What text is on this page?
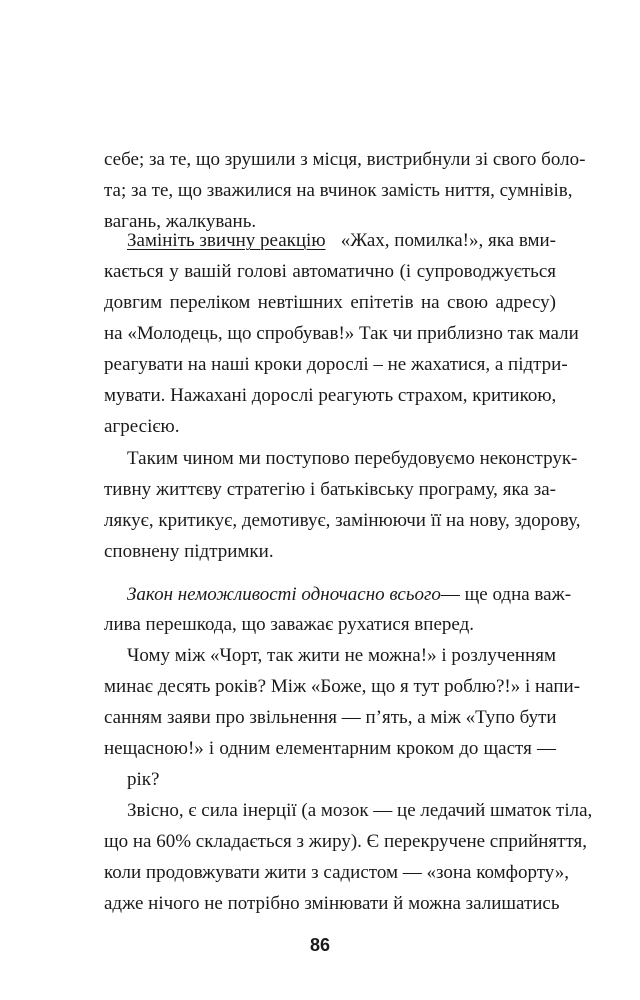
себе; за те, що зрушили з місця, вистрибнули зі свого боло-
та; за те, що зважилися на вчинок замість ниття, сумнівів,
вагань, жалкувань.
Замініть звичну реакцію «Жах, помилка!», яка вми-
кається у вашій голові автоматично (і супроводжується
довгим переліком невтішних епітетів на свою адресу)
на «Молодець, що спробував!» Так чи приблизно так мали
реагувати на наші кроки дорослі – не жахатися, а підтри-
мувати. Нажахані дорослі реагують страхом, критикою,
агресією.
Таким чином ми поступово перебудовуємо неконструк-
тивну життєву стратегію і батьківську програму, яка за-
лякує, критикує, демотивує, замінюючи її на нову, здорову,
сповнену підтримки.
Закон неможливості одночасно всього — ще одна важ-
лива перешкода, що заважає рухатися вперед.
Чому між «Чорт, так жити не можна!» і розлученням
минає десять років? Між «Боже, що я тут роблю?!» і напи-
санням заяви про звільнення — п’ять, а між «Тупо бути
нещасною!» і одним елементарним кроком до щастя —
рік?
Звісно, є сила інерції (а мозок — це ледачий шматок тіла,
що на 60% складається з жиру). Є перекручене сприйняття,
коли продовжувати жити з садистом — «зона комфорту»,
адже нічого не потрібно змінювати й можна залишатись
86
